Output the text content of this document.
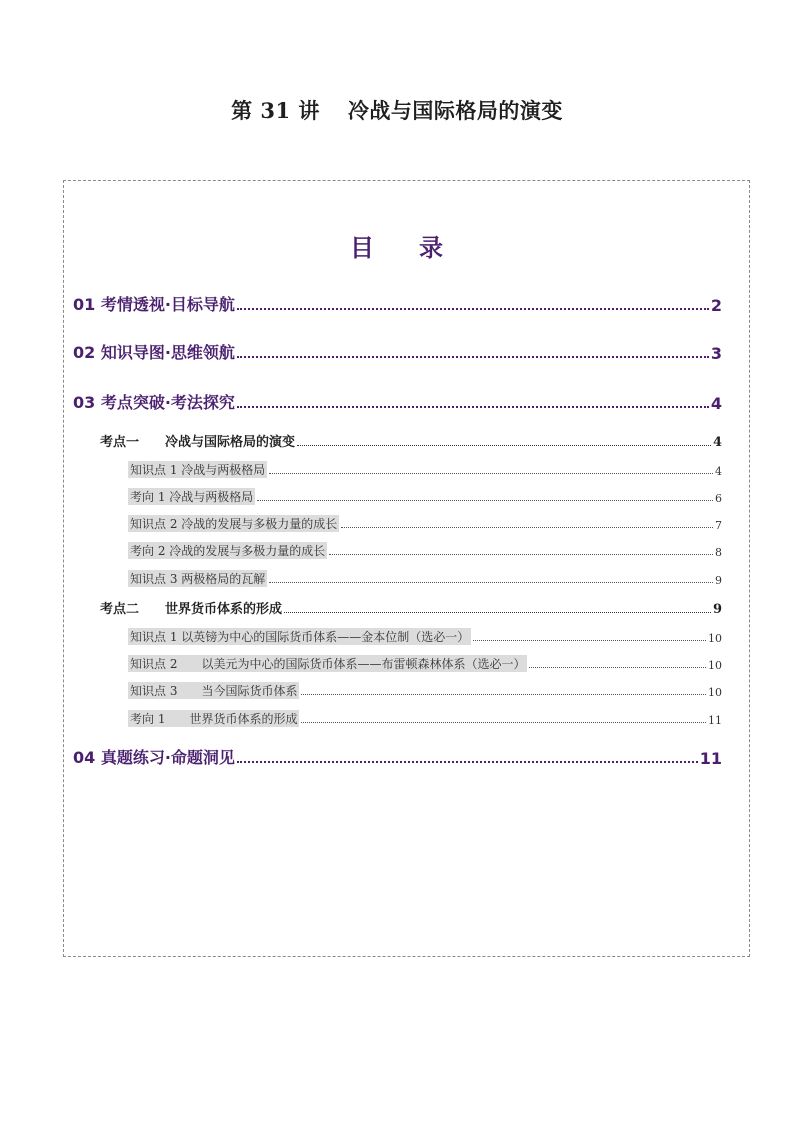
第 31 讲 冷战与国际格局的演变
目 录
01 考情透视·目标导航	2
02 知识导图·思维领航	3
03 考点突破·考法探究	4
考点一　　冷战与国际格局的演变	4
知识点 1 冷战与两极格局	4
考向 1 冷战与两极格局	6
知识点 2 冷战的发展与多极力量的成长	7
考向 2 冷战的发展与多极力量的成长	8
知识点 3 两极格局的瓦解	9
考点二　　世界货币体系的形成	9
知识点 1 以英镑为中心的国际货币体系——金本位制（选必一）	10
知识点 2　　以美元为中心的国际货币体系——布雷顿森林体系（选必一）	10
知识点 3　　当今国际货币体系	10
考向 1　　世界货币体系的形成	11
04 真题练习·命题洞见	11
